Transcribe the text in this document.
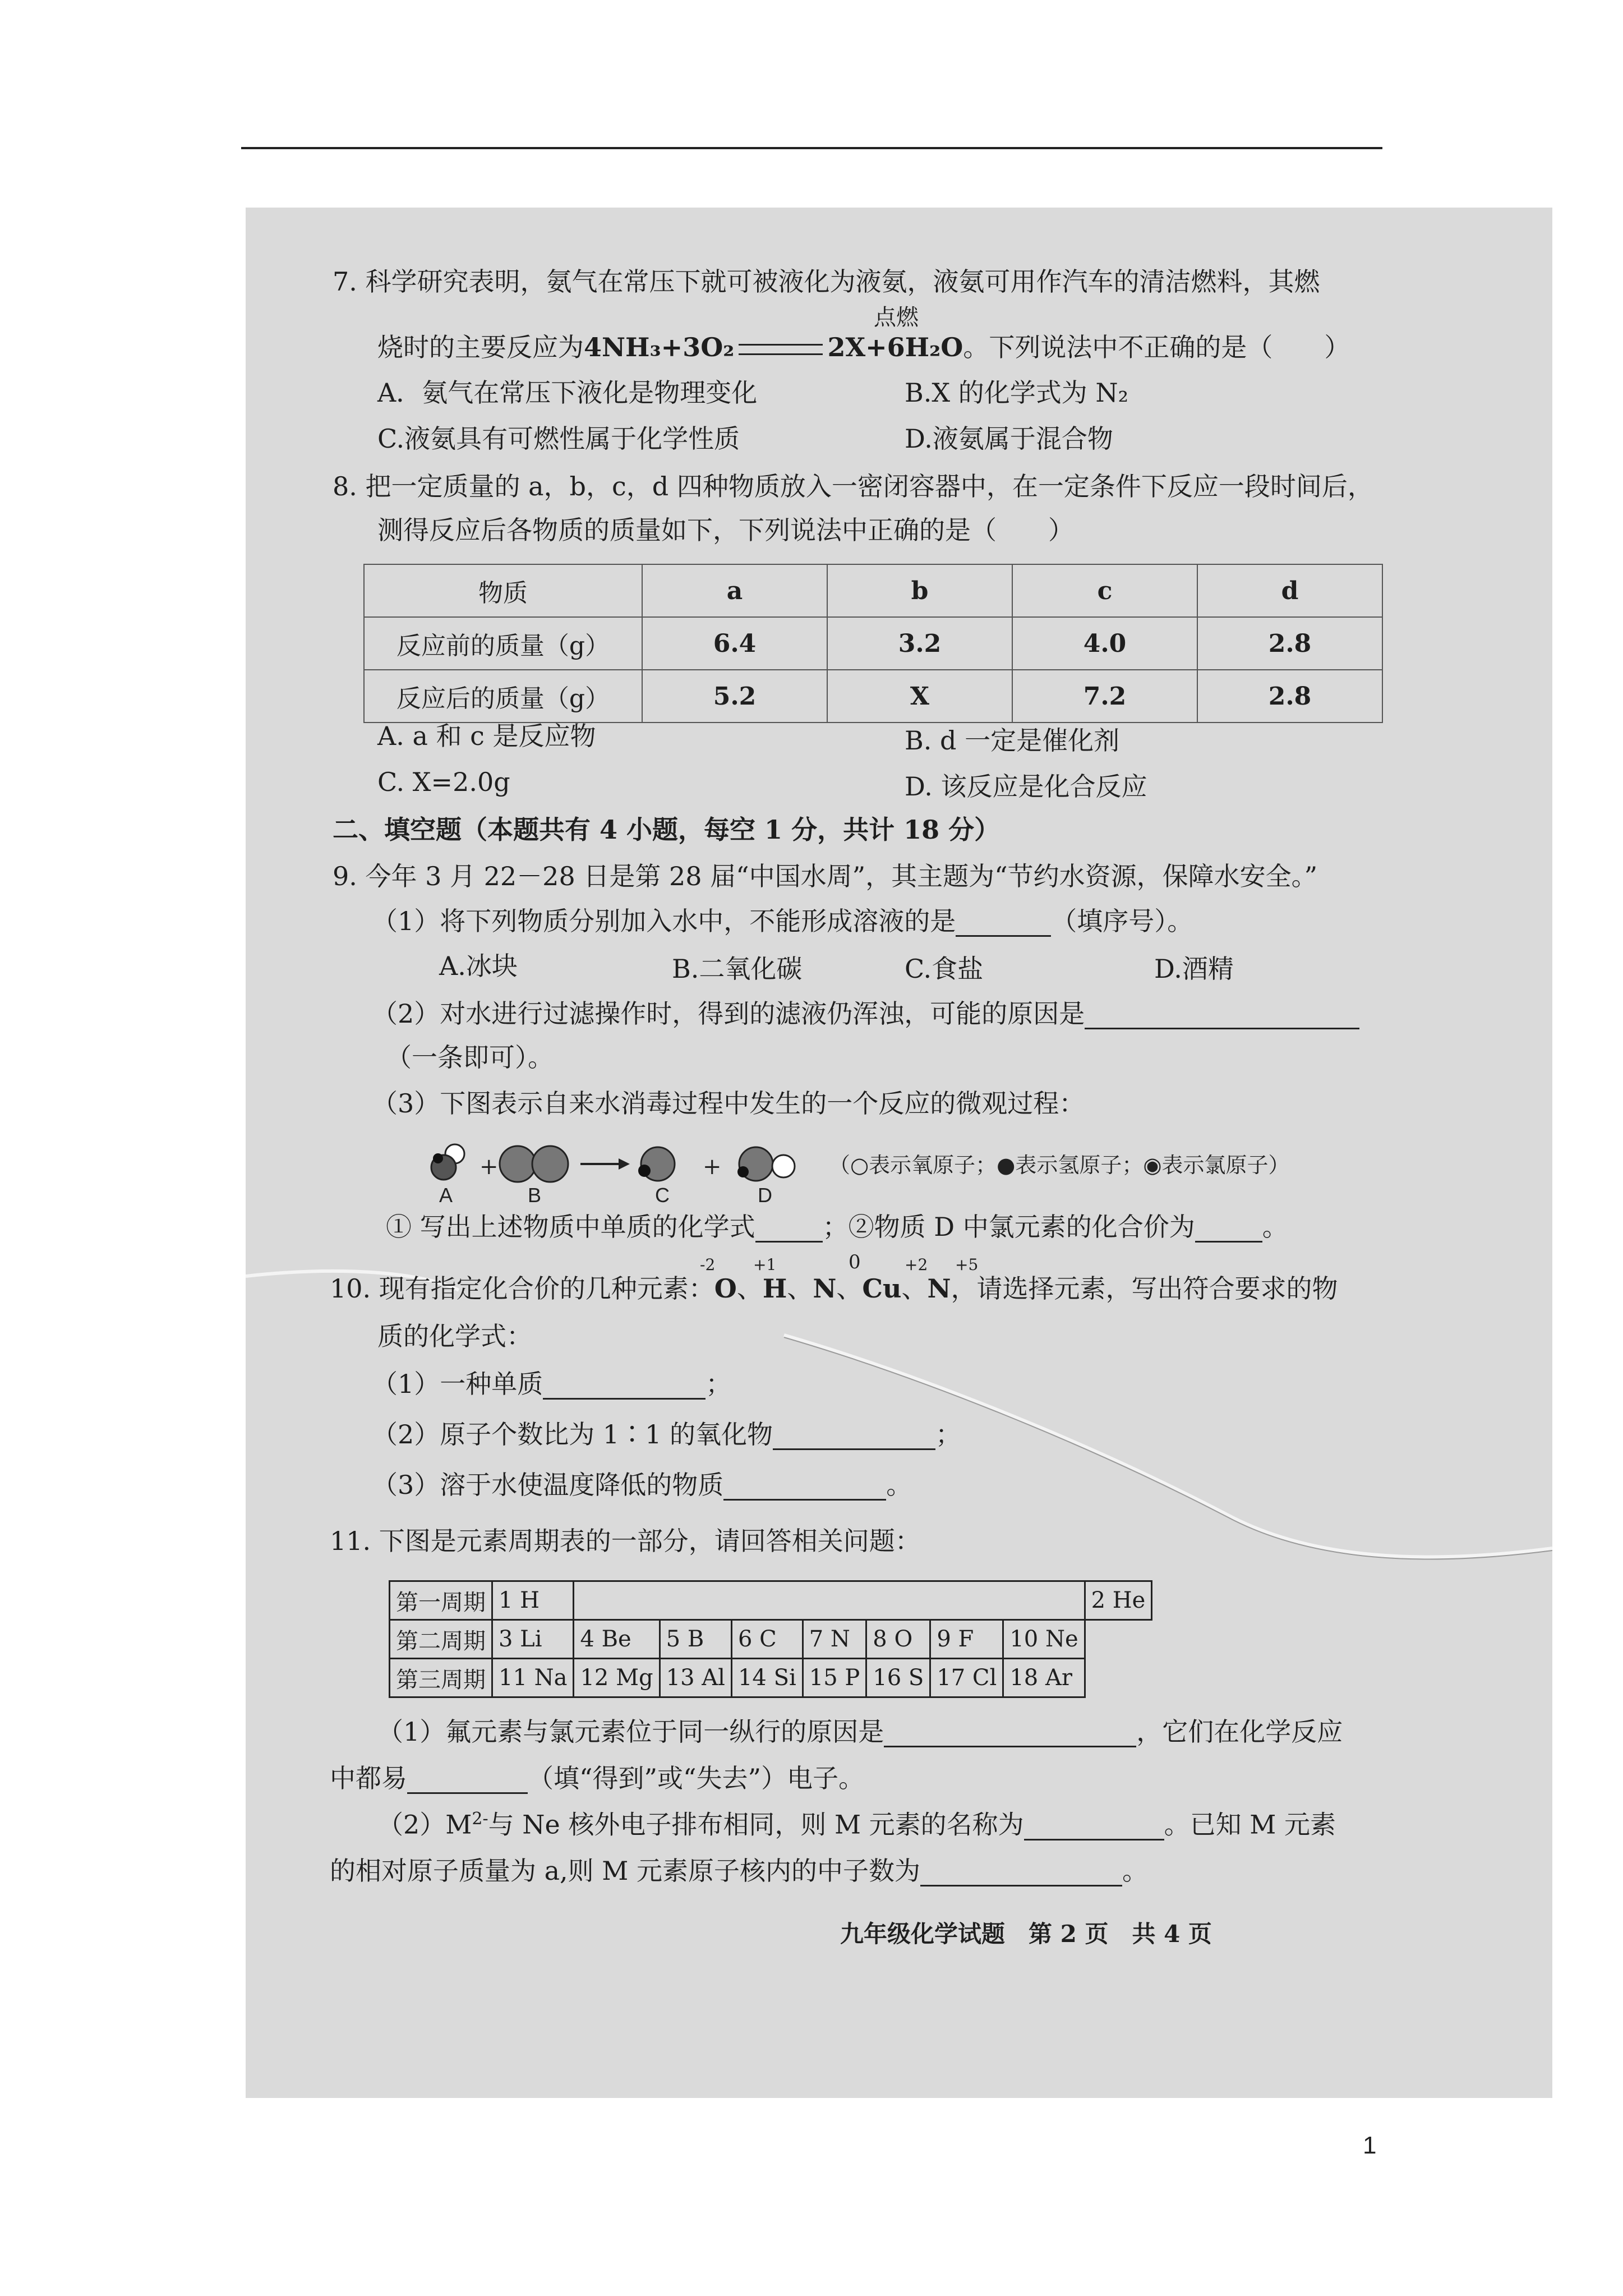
7. 科学研究表明，氨气在常压下就可被液化为液氨，液氨可用作汽车的清洁燃料，其燃
点燃
烧时的主要反应为4NH₃+3O₂	2X+6H₂O。下列说法中不正确的是（　　）
A．氨气在常压下液化是物理变化	B.X 的化学式为 N₂
C.液氨具有可燃性属于化学性质	D.液氨属于混合物
8. 把一定质量的 a，b，c，d 四种物质放入一密闭容器中，在一定条件下反应一段时间后，
测得反应后各物质的质量如下，下列说法中正确的是（　　）
物质	a	b	c	d
反应前的质量（g）	6.4	3.2	4.0	2.8
反应后的质量（g）	5.2	X	7.2	2.8
A. a 和 c 是反应物	B. d 一定是催化剂
C. X=2.0g	D. 该反应是化合反应
二、填空题（本题共有 4 小题，每空 1 分，共计 18 分）
9. 今年 3 月 22－28 日是第 28 届“中国水周”，其主题为“节约水资源，保障水安全。”
（1）将下列物质分别加入水中，不能形成溶液的是	（填序号）。
A.冰块	B.二氧化碳	C.食盐	D.酒精
（2）对水进行过滤操作时，得到的滤液仍浑浊，可能的原因是
（一条即可）。
（3）下图表示自来水消毒过程中发生的一个反应的微观过程：
+	+
A	B	C	D
（○表示氧原子；●表示氢原子；◉表示氯原子）
① 写出上述物质中单质的化学式	；②物质 D 中氯元素的化合价为	。
-2 +1	0	+2 +5
10. 现有指定化合价的几种元素：O、H、N、Cu、N，请选择元素，写出符合要求的物
质的化学式：
（1）一种单质	；
（2）原子个数比为 1∶1 的氧化物	；
（3）溶于水使温度降低的物质	。
11. 下图是元素周期表的一部分，请回答相关问题：
第一周期	1 H								2 He
第二周期	3 Li	4 Be	5 B	6 C	7 N	8 O	9 F	10 Ne	
第三周期	11 Na	12 Mg	13 Al	14 Si	15 P	16 S	17 Cl	18 Ar	
（1）氟元素与氯元素位于同一纵行的原因是	，它们在化学反应
中都易	（填“得到”或“失去”）电子。
$(2)M^{2-}$与 Ne 核外电子排布相同，则 M 元素的名称为	。已知 M 元素
的相对原子质量为 a,则 M 元素原子核内的中子数为	。
九年级化学试题　第 2 页　共 4 页
1
